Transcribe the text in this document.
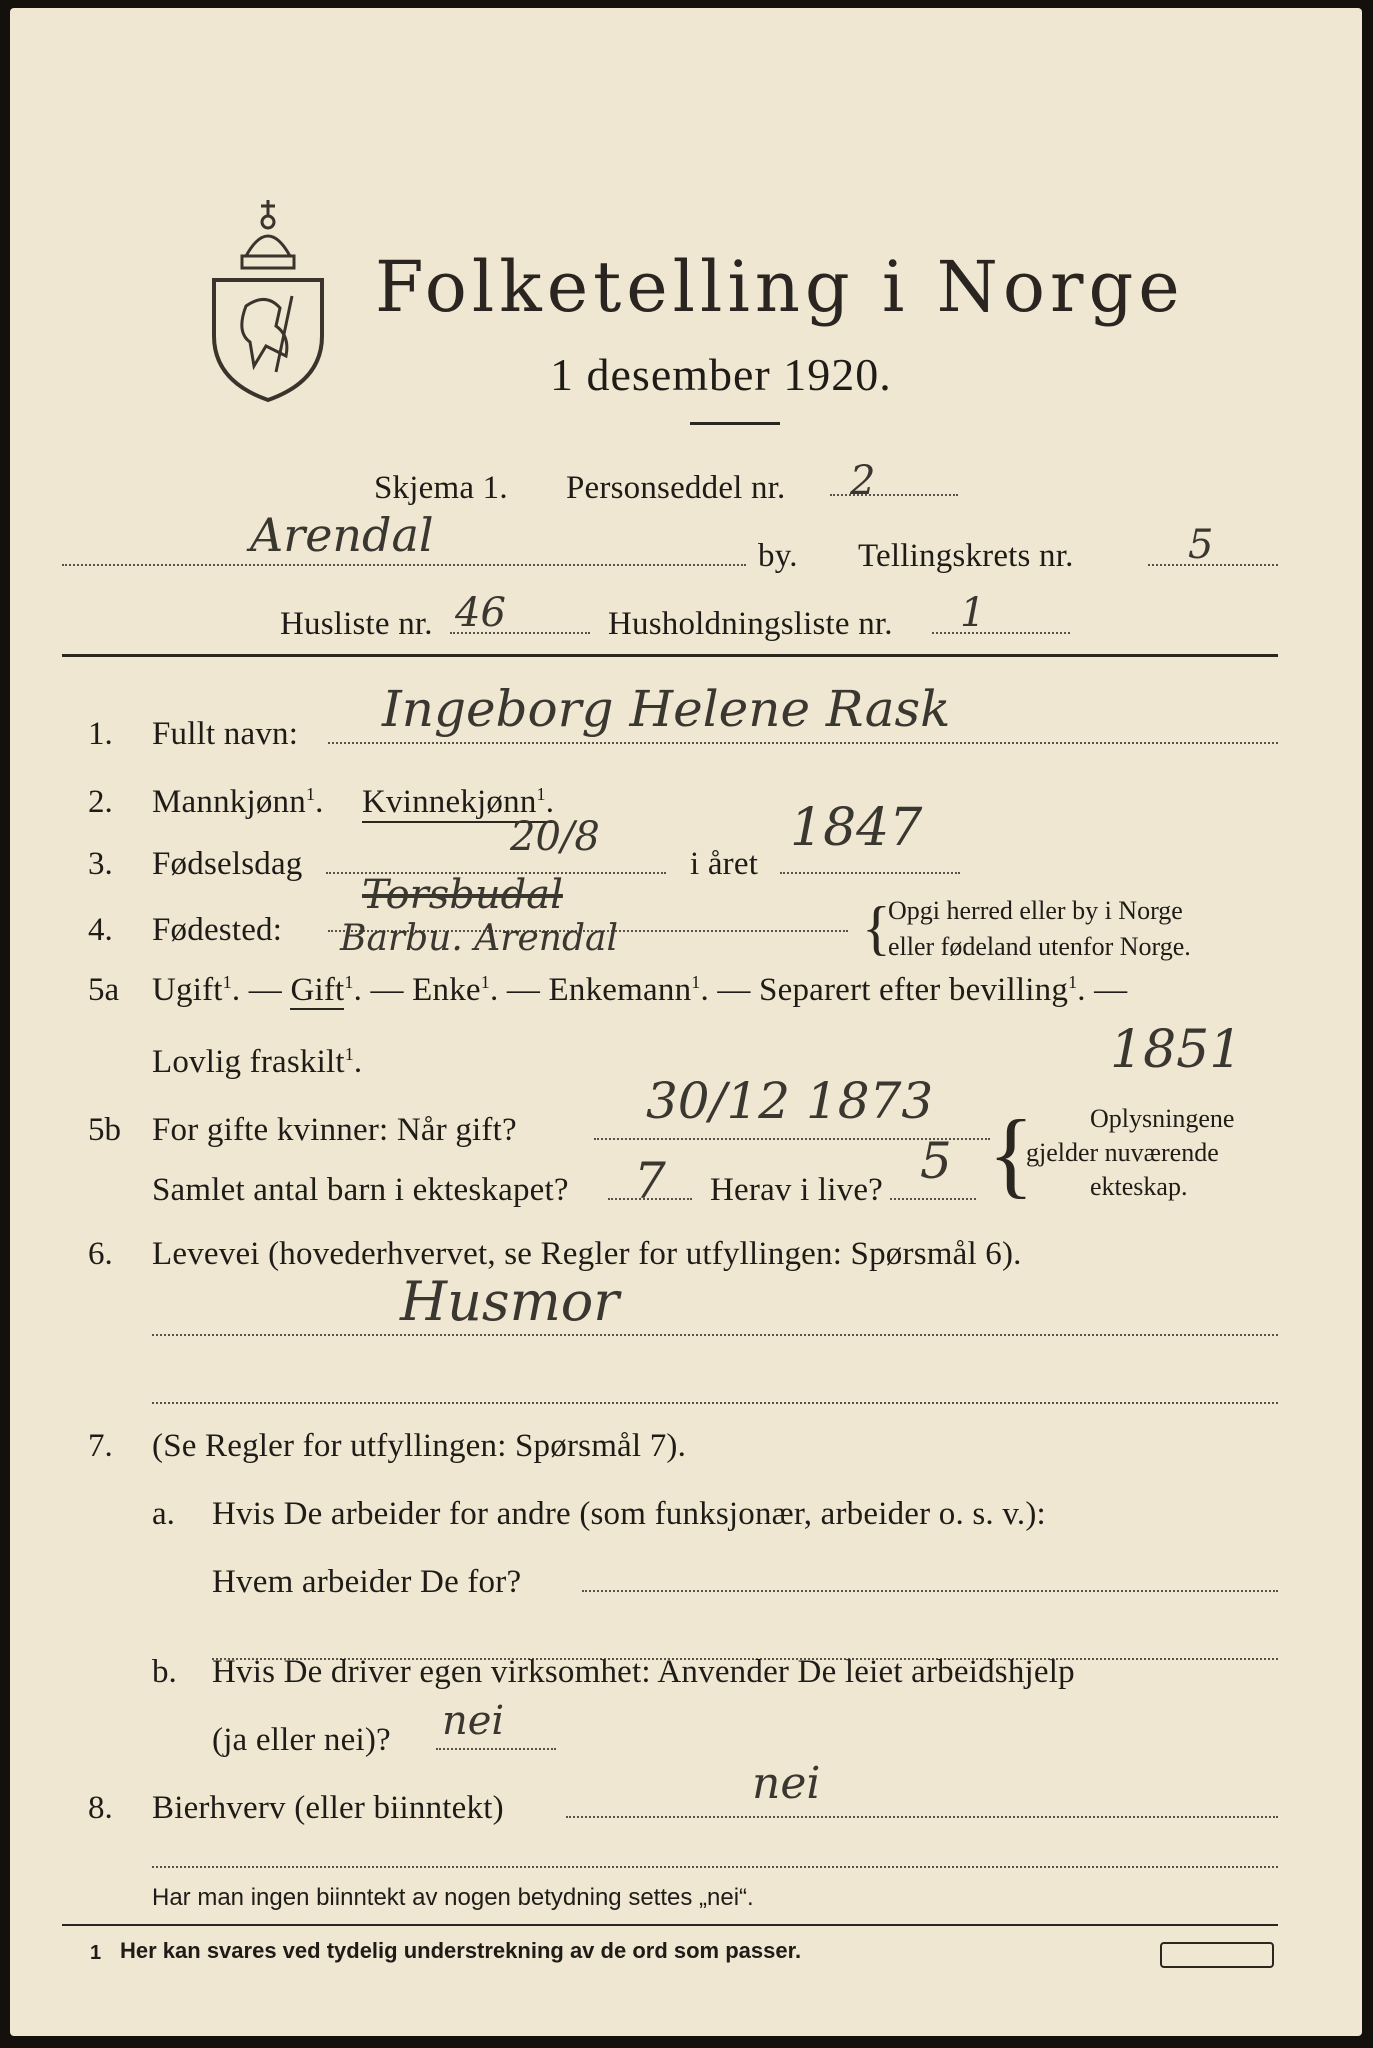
Folketelling i Norge
1 desember 1920.
Skjema 1. Personseddel nr. 2
Arendal	by. Tellingskrets nr.	5
Husliste nr. 46	Husholdningsliste nr. 1
1. Fullt navn: Ingeborg Helene Rask
2. Mannkjønn$^1$. Kvinnekjønn$^1$.
3. Fødselsdag
20/8
i året
1847
4. Fødested:
Torsbudal
Barbu. Arendal	{
Opgi herred eller by i Norge
eller fødeland utenfor Norge.
5a Ugift$^1$. — Gift$^1$. — Enke$^1$. — Enkemann$^1$. — Separert efter bevilling$^1$. —
Lovlig fraskilt$^1$.	1851
5b For gifte kvinner: Når gift?	30/12 1873
Samlet antal barn i ekteskapet? 7 Herav i live? 5 { Oplysningene
gjelder nuværende
ekteskap.
6. Levevei (hovederhvervet, se Regler for utfyllingen: Spørsmål 6).
Husmor
7. (Se Regler for utfyllingen: Spørsmål 7).
a. Hvis De arbeider for andre (som funksjonær, arbeider o. s. v.):
Hvem arbeider De for?
b. Hvis De driver egen virksomhet: Anvender De leiet arbeidshjelp
(ja eller nei)? nei
8. Bierhverv (eller biinntekt)	nei
Har man ingen biinntekt av nogen betydning settes „nei“.
1 Her kan svares ved tydelig understrekning av de ord som passer.
